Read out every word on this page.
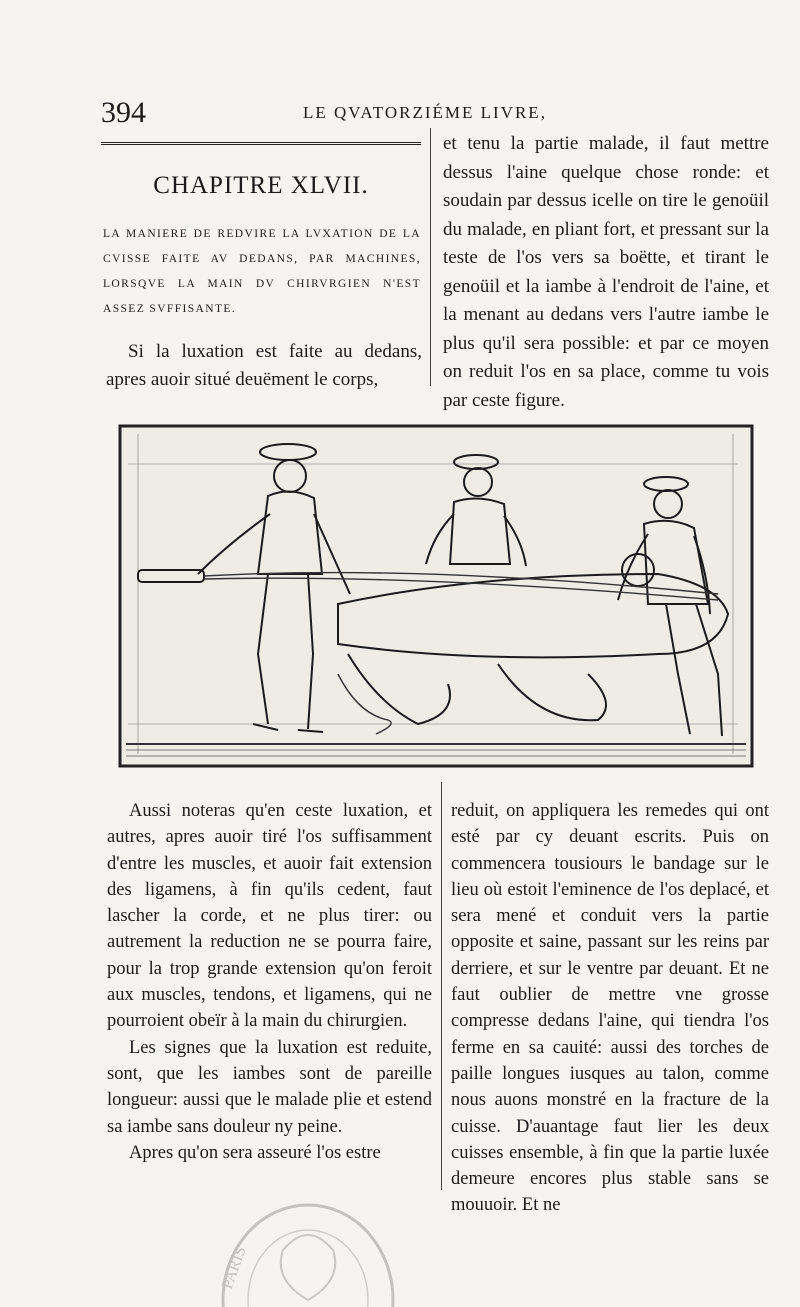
394	LE QVATORZIÉME LIVRE,
CHAPITRE XLVII.
LA MANIERE DE REDVIRE LA LVXATION DE LA CVISSE FAITE AV DEDANS, PAR MACHINES, LORSQVE LA MAIN DV CHIRVRGIEN N'EST ASSEZ SVFFISANTE.

Si la luxation est faite au dedans, apres auoir situé deuëment le corps,

et tenu la partie malade, il faut mettre dessus l'aine quelque chose ronde: et soudain par dessus icelle on tire le genoüil du malade, en pliant fort, et pressant sur la teste de l'os vers sa boëtte, et tirant le genoüil et la iambe à l'endroit de l'aine, et la menant au dedans vers l'autre iambe le plus qu'il sera possible: et par ce moyen on reduit l'os en sa place, comme tu vois par ceste figure.

Aussi noteras qu'en ceste luxation, et autres, apres auoir tiré l'os suffisamment d'entre les muscles, et auoir fait extension des ligamens, à fin qu'ils cedent, faut lascher la corde, et ne plus tirer: ou autrement la reduction ne se pourra faire, pour la trop grande extension qu'on feroit aux muscles, tendons, et ligamens, qui ne pourroient obeïr à la main du chirurgien.

Les signes que la luxation est reduite, sont, que les iambes sont de pareille longueur: aussi que le malade plie et estend sa iambe sans douleur ny peine.

Apres qu'on sera asseuré l'os estre

reduit, on appliquera les remedes qui ont esté par cy deuant escrits. Puis on commencera tousiours le bandage sur le lieu où estoit l'eminence de l'os deplacé, et sera mené et conduit vers la partie opposite et saine, passant sur les reins par derriere, et sur le ventre par deuant. Et ne faut oublier de mettre vne grosse compresse dedans l'aine, qui tiendra l'os ferme en sa cauité: aussi des torches de paille longues iusques au talon, comme nous auons monstré en la fracture de la cuisse. D'auantage faut lier les deux cuisses ensemble, à fin que la partie luxée demeure encores plus stable sans se mouuoir. Et ne

PARIS
